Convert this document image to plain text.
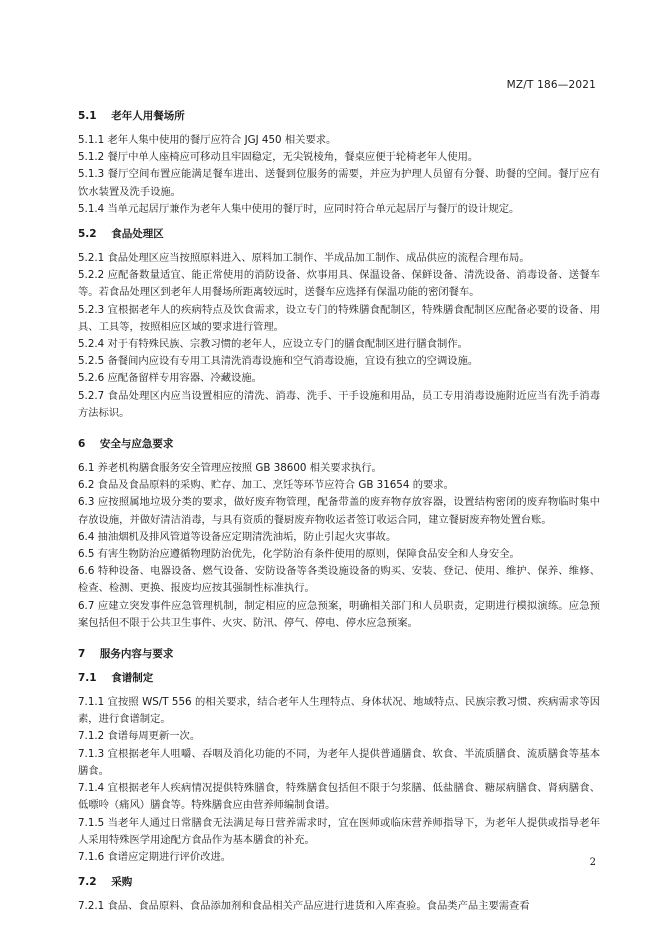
MZ/T 186—2021
5.1    老年人用餐场所
5.1.1 老年人集中使用的餐厅应符合 JGJ 450 相关要求。
5.1.2 餐厅中单人座椅应可移动且牢固稳定，无尖锐棱角，餐桌应便于轮椅老年人使用。
5.1.3 餐厅空间布置应能满足餐车进出、送餐到位服务的需要，并应为护理人员留有分餐、助餐的空间。餐厅应有饮水装置及洗手设施。
5.1.4 当单元起居厅兼作为老年人集中使用的餐厅时，应同时符合单元起居厅与餐厅的设计规定。
5.2    食品处理区
5.2.1 食品处理区应当按照原料进入、原料加工制作、半成品加工制作、成品供应的流程合理布局。
5.2.2 应配备数量适宜、能正常使用的消防设备、炊事用具、保温设备、保鲜设备、清洗设备、消毒设备、送餐车等。若食品处理区到老年人用餐场所距离较远时，送餐车应选择有保温功能的密闭餐车。
5.2.3 宜根据老年人的疾病特点及饮食需求，设立专门的特殊膳食配制区，特殊膳食配制区应配备必要的设备、用具、工具等，按照相应区域的要求进行管理。
5.2.4 对于有特殊民族、宗教习惯的老年人，应设立专门的膳食配制区进行膳食制作。
5.2.5 备餐间内应设有专用工具清洗消毒设施和空气消毒设施，宜设有独立的空调设施。
5.2.6 应配备留样专用容器、冷藏设施。
5.2.7 食品处理区内应当设置相应的清洗、消毒、洗手、干手设施和用品，员工专用消毒设施附近应当有洗手消毒方法标识。
6    安全与应急要求
6.1 养老机构膳食服务安全管理应按照 GB 38600 相关要求执行。
6.2 食品及食品原料的采购、贮存、加工、烹饪等环节应符合 GB 31654 的要求。
6.3 应按照属地垃圾分类的要求，做好废弃物管理，配备带盖的废弃物存放容器，设置结构密闭的废弃物临时集中存放设施，并做好清洁消毒，与具有资质的餐厨废弃物收运者签订收运合同，建立餐厨废弃物处置台账。
6.4 抽油烟机及排风管道等设备应定期清洗油垢，防止引起火灾事故。
6.5 有害生物防治应遵循物理防治优先，化学防治有条件使用的原则，保障食品安全和人身安全。
6.6 特种设备、电器设备、燃气设备、安防设备等各类设施设备的购买、安装、登记、使用、维护、保养、维修、检查、检测、更换、报废均应按其强制性标准执行。
6.7 应建立突发事件应急管理机制，制定相应的应急预案，明确相关部门和人员职责，定期进行模拟演练。应急预案包括但不限于公共卫生事件、火灾、防汛、停气、停电、停水应急预案。
7    服务内容与要求
7.1    食谱制定
7.1.1 宜按照 WS/T 556 的相关要求，结合老年人生理特点、身体状况、地域特点、民族宗教习惯、疾病需求等因素，进行食谱制定。
7.1.2 食谱每周更新一次。
7.1.3 宜根据老年人咀嚼、吞咽及消化功能的不同，为老年人提供普通膳食、软食、半流质膳食、流质膳食等基本膳食。
7.1.4 宜根据老年人疾病情况提供特殊膳食，特殊膳食包括但不限于匀浆膳、低盐膳食、糖尿病膳食、肾病膳食、低嘌呤（痛风）膳食等。特殊膳食应由营养师编制食谱。
7.1.5 当老年人通过日常膳食无法满足每日营养需求时，宜在医师或临床营养师指导下，为老年人提供或指导老年人采用特殊医学用途配方食品作为基本膳食的补充。
7.1.6 食谱应定期进行评价改进。
7.2    采购
7.2.1 食品、食品原料、食品添加剂和食品相关产品应进行进货和入库查验。食品类产品主要需查看
2
